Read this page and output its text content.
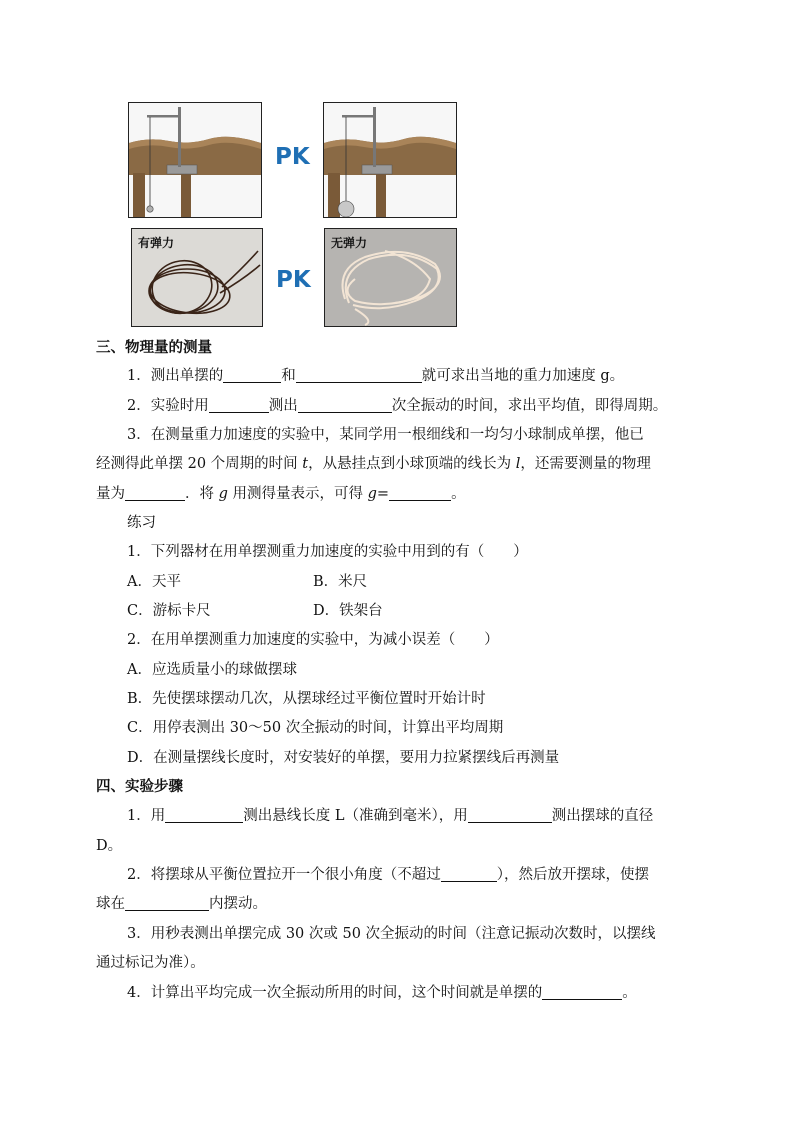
PK
有弹力
PK
无弹力
三、物理量的测量
1．测出单摆的	和	就可求出当地的重力加速度 g。
2．实验时用	测出	次全振动的时间，求出平均值，即得周期。
3．在测量重力加速度的实验中，某同学用一根细线和一均匀小球制成单摆，他已
经测得此单摆 20 个周期的时间 t，从悬挂点到小球顶端的线长为 l，还需要测量的物理
量为	．将 g 用测得量表示，可得 g=	。
练习
1．下列器材在用单摆测重力加速度的实验中用到的有（　　）
A．天平	B．米尺
C．游标卡尺	D．铁架台
2．在用单摆测重力加速度的实验中，为减小误差（　　）
A．应选质量小的球做摆球
B．先使摆球摆动几次，从摆球经过平衡位置时开始计时
C．用停表测出 30～50 次全振动的时间，计算出平均周期
D．在测量摆线长度时，对安装好的单摆，要用力拉紧摆线后再测量
四、实验步骤
1．用	测出悬线长度 L（准确到毫米），用	测出摆球的直径
D。
2．将摆球从平衡位置拉开一个很小角度（不超过	），然后放开摆球，使摆
球在	内摆动。
3．用秒表测出单摆完成 30 次或 50 次全振动的时间（注意记振动次数时，以摆线
通过标记为准）。
4．计算出平均完成一次全振动所用的时间，这个时间就是单摆的	。
